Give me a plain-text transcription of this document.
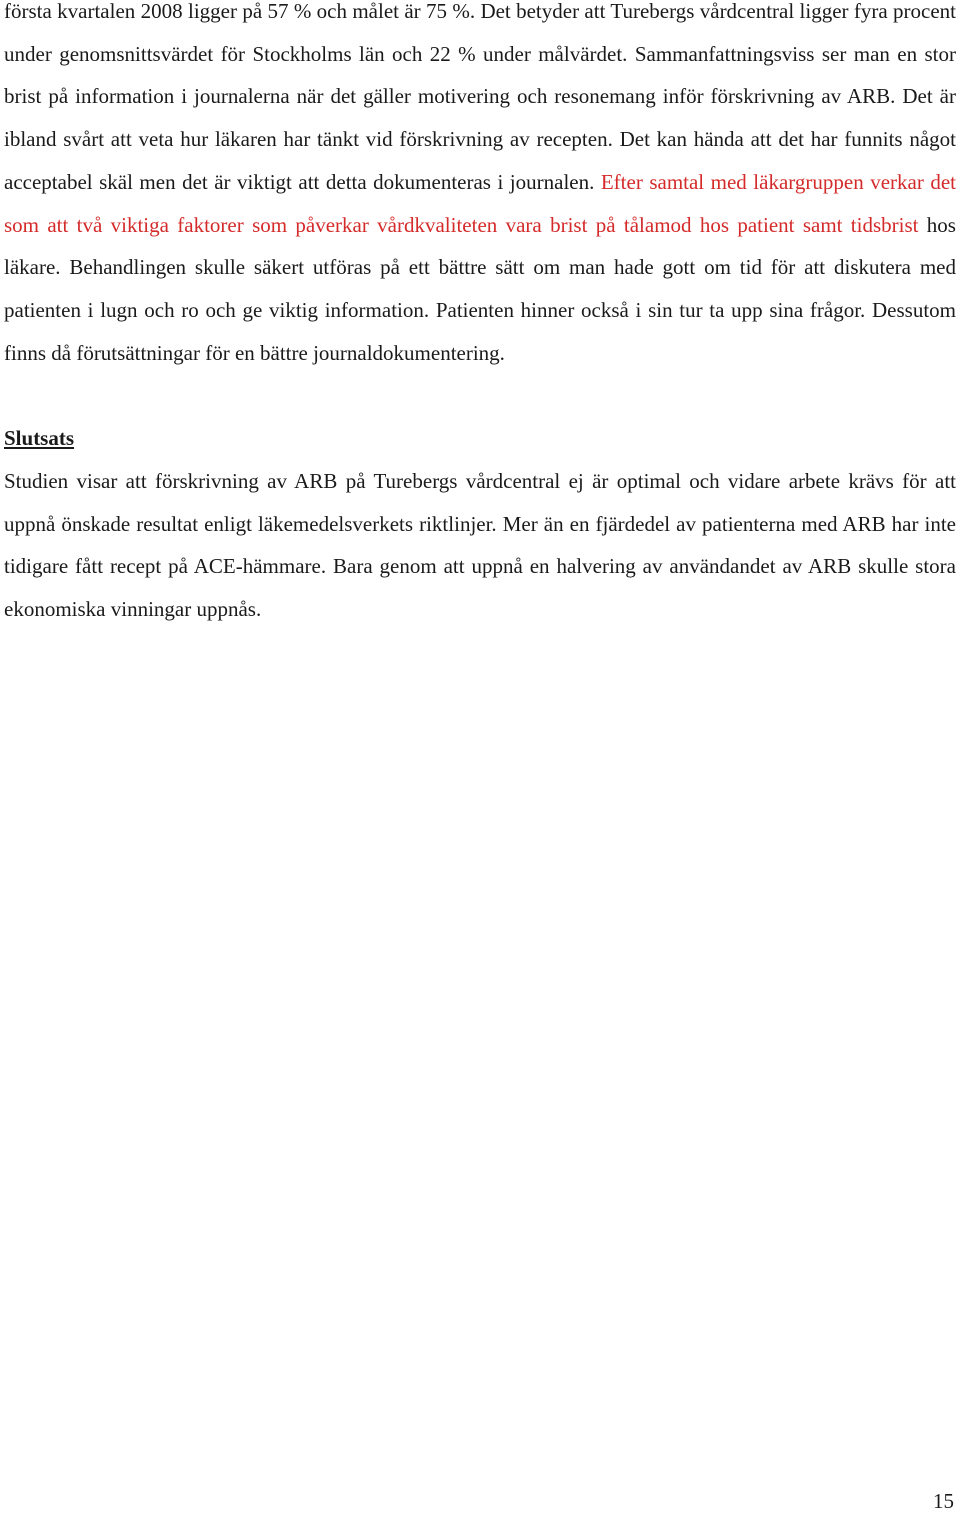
första kvartalen 2008 ligger på 57 % och målet är 75 %. Det betyder att Turebergs vårdcentral ligger fyra procent under genomsnittsvärdet för Stockholms län och 22 % under målvärdet. Sammanfattningsviss ser man en stor brist på information i journalerna när det gäller motivering och resonemang inför förskrivning av ARB. Det är ibland svårt att veta hur läkaren har tänkt vid förskrivning av recepten. Det kan hända att det har funnits något acceptabel skäl men det är viktigt att detta dokumenteras i journalen. Efter samtal med läkargruppen verkar det som att två viktiga faktorer som påverkar vårdkvaliteten vara brist på tålamod hos patient samt tidsbrist hos läkare. Behandlingen skulle säkert utföras på ett bättre sätt om man hade gott om tid för att diskutera med patienten i lugn och ro och ge viktig information. Patienten hinner också i sin tur ta upp sina frågor. Dessutom finns då förutsättningar för en bättre journaldokumentering.

Slutsats

Studien visar att förskrivning av ARB på Turebergs vårdcentral ej är optimal och vidare arbete krävs för att uppnå önskade resultat enligt läkemedelsverkets riktlinjer. Mer än en fjärdedel av patienterna med ARB har inte tidigare fått recept på ACE-hämmare. Bara genom att uppnå en halvering av användandet av ARB skulle stora ekonomiska vinningar uppnås.

15
